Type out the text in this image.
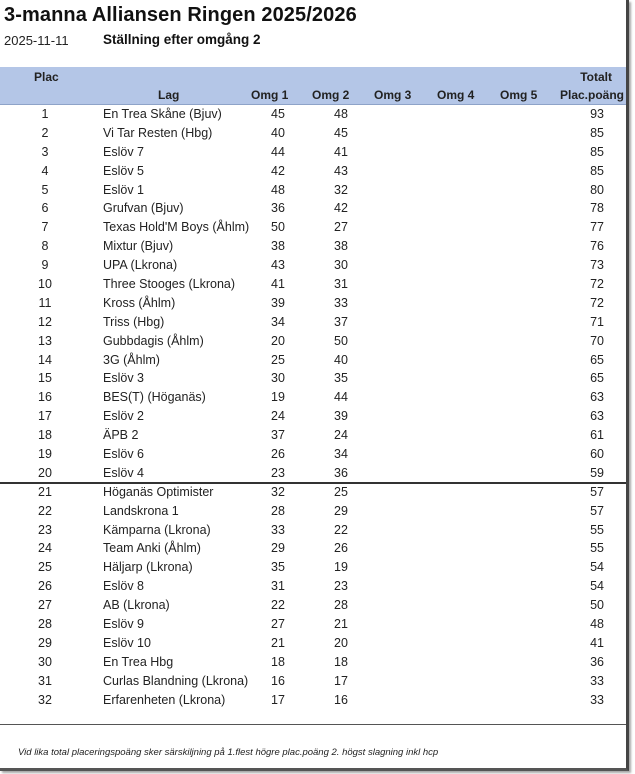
3-manna Alliansen Ringen 2025/2026
2025-11-11	Ställning efter omgång 2
Plac
Lag	Omg 1 Omg 2 Omg 3 Omg 4 Omg 5
Totalt
Plac.poäng
1	En Trea Skåne (Bjuv)	45	48	93
2	Vi Tar Resten (Hbg)	40	45	85
3	Eslöv 7	44	41	85
4	Eslöv 5	42	43	85
5	Eslöv 1	48	32	80
6	Grufvan (Bjuv)	36	42	78
7	Texas Hold'M Boys (Åhlm) 50	27	77
8	Mixtur (Bjuv)	38	38	76
9	UPA (Lkrona)	43	30	73
10	Three Stooges (Lkrona)	41	31	72
11	Kross (Åhlm)	39	33	72
12	Triss (Hbg)	34	37	71
13	Gubbdagis (Åhlm)	20	50	70
14	3G (Åhlm)	25	40	65
15	Eslöv 3	30	35	65
16	BES(T) (Höganäs)	19	44	63
17	Eslöv 2	24	39	63
18	ÄPB 2	37	24	61
19	Eslöv 6	26	34	60
20	Eslöv 4	23	36	59
21	Höganäs Optimister	32	25	57
22	Landskrona 1	28	29	57
23	Kämparna (Lkrona)	33	22	55
24	Team Anki (Åhlm)	29	26	55
25	Häljarp (Lkrona)	35	19	54
26	Eslöv 8	31	23	54
27	AB (Lkrona)	22	28	50
28	Eslöv 9	27	21	48
29	Eslöv 10	21	20	41
30	En Trea Hbg	18	18	36
31	Curlas Blandning (Lkrona) 16	17	33
32	Erfarenheten (Lkrona)	17	16	33
Vid lika total placeringspoäng sker särskiljning på 1.flest högre plac.poäng 2. högst slagning inkl hcp
